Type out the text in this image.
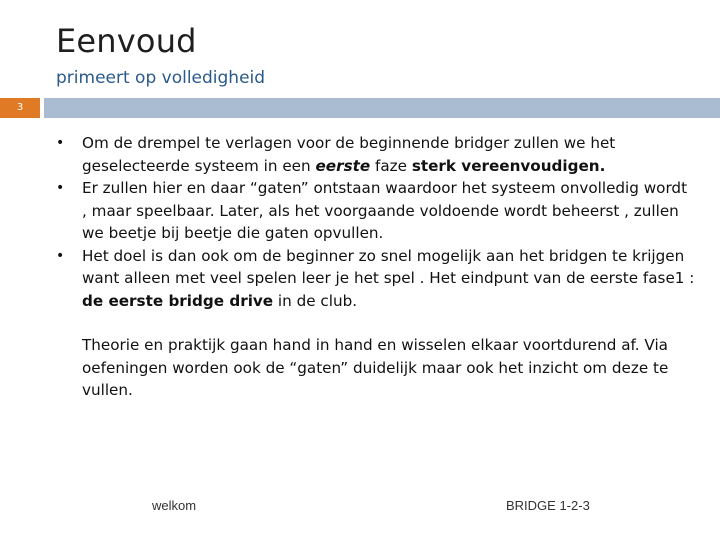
Eenvoud
primeert op volledigheid
3
• Om de drempel te verlagen voor de beginnende bridger zullen we het geselecteerde systeem in een eerste faze sterk vereenvoudigen.
• Er zullen hier en daar “gaten” ontstaan waardoor het systeem onvolledig wordt , maar speelbaar. Later, als het voorgaande voldoende wordt beheerst , zullen we beetje bij beetje die gaten opvullen.
• Het doel is dan ook om de beginner zo snel mogelijk aan het bridgen te krijgen want alleen met veel spelen leer je het spel . Het eindpunt van de eerste fase1 : de eerste bridge drive in de club.
Theorie en praktijk gaan hand in hand en wisselen elkaar voortdurend af. Via oefeningen worden ook de “gaten” duidelijk maar ook het inzicht om deze te vullen.
welkom	BRIDGE 1-2-3
